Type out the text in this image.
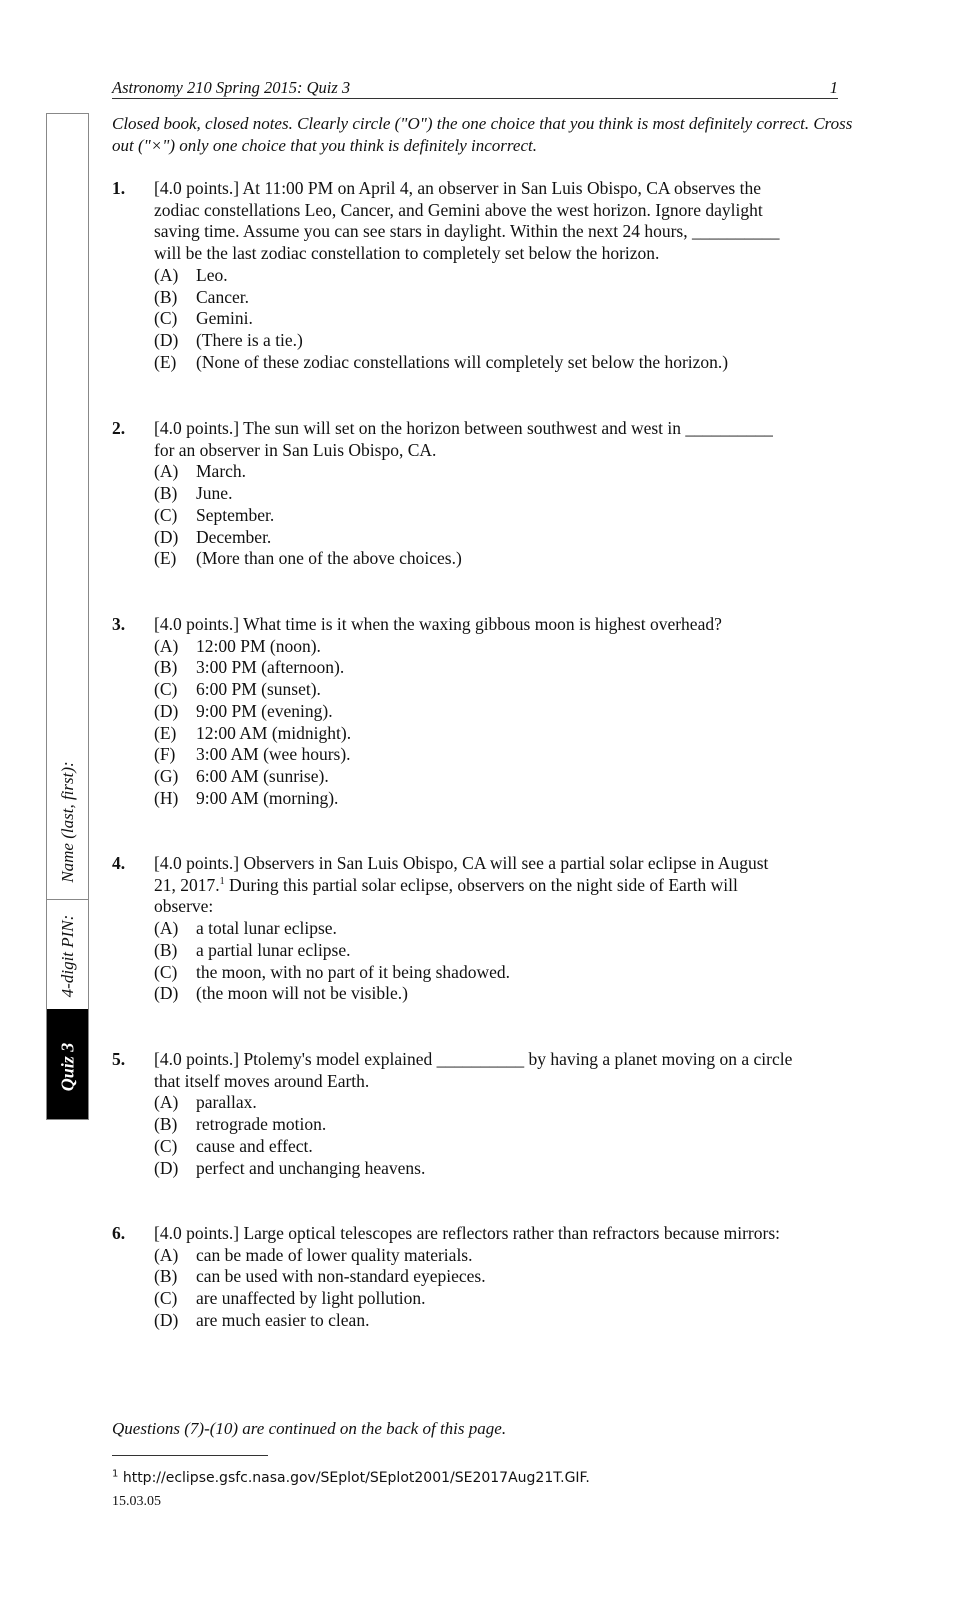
Astronomy 210 Spring 2015: Quiz 3	1
Closed book, closed notes. Clearly circle ("O") the one choice that you think is most definitely correct. Cross out ("×") only one choice that you think is definitely incorrect.
Name (last, first):
4-digit PIN:
Quiz 3
1. [4.0 points.] At 11:00 PM on April 4, an observer in San Luis Obispo, CA observes the
zodiac constellations Leo, Cancer, and Gemini above the west horizon. Ignore daylight
saving time. Assume you can see stars in daylight. Within the next 24 hours, __________
will be the last zodiac constellation to completely set below the horizon.
(A)	Leo.
(B)	Cancer.
(C)	Gemini.
(D)	(There is a tie.)
(E)	(None of these zodiac constellations will completely set below the horizon.)
2. [4.0 points.] The sun will set on the horizon between southwest and west in __________
for an observer in San Luis Obispo, CA.
(A)	March.
(B)	June.
(C)	September.
(D)	December.
(E)	(More than one of the above choices.)
3. [4.0 points.] What time is it when the waxing gibbous moon is highest overhead?
(A)	12:00 PM (noon).
(B)	3:00 PM (afternoon).
(C)	6:00 PM (sunset).
(D)	9:00 PM (evening).
(E)	12:00 AM (midnight).
(F)	3:00 AM (wee hours).
(G)	6:00 AM (sunrise).
(H)	9:00 AM (morning).
4. [4.0 points.] Observers in San Luis Obispo, CA will see a partial solar eclipse in August
21, 2017.$^1$ During this partial solar eclipse, observers on the night side of Earth will
observe:
(A)	a total lunar eclipse.
(B)	a partial lunar eclipse.
(C)	the moon, with no part of it being shadowed.
(D)	(the moon will not be visible.)
5. [4.0 points.] Ptolemy's model explained __________ by having a planet moving on a circle
that itself moves around Earth.
(A)	parallax.
(B)	retrograde motion.
(C)	cause and effect.
(D)	perfect and unchanging heavens.
6. [4.0 points.] Large optical telescopes are reflectors rather than refractors because mirrors:
(A)	can be made of lower quality materials.
(B)	can be used with non-standard eyepieces.
(C)	are unaffected by light pollution.
(D)	are much easier to clean.
Questions (7)-(10) are continued on the back of this page.
$^1$ http://eclipse.gsfc.nasa.gov/SEplot/SEplot2001/SE2017Aug21T.GIF.
15.03.05
